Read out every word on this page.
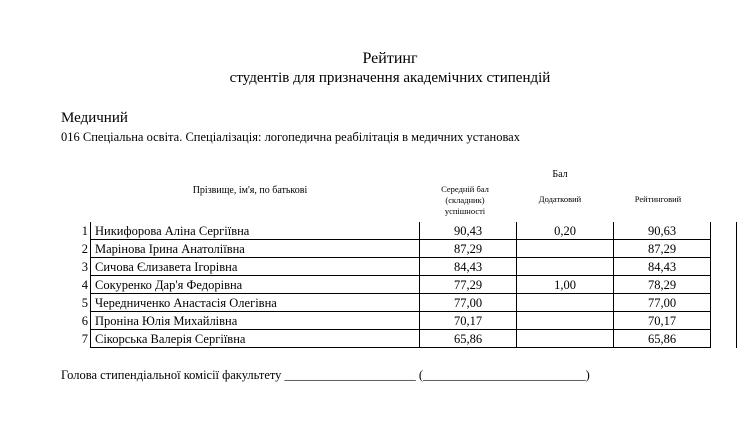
Рейтинг
студентів для призначення академічних стипендій
Медичний
016 Спеціальна освіта. Спеціалізація: логопедична реабілітація в медичних установах
Бал
Прізвище, ім'я, по батькові	Середній бал
(складник)
успішності
Додатковий	Рейтинговий
1	Никифорова Аліна Сергіївна	90,43	0,20	90,63	
2	Марінова Ірина Анатоліївна	87,29		87,29	
3	Сичова Єлизавета Ігорівна	84,43		84,43	
4	Сокуренко Дар'я Федорівна	77,29	1,00	78,29	
5	Чередниченко Анастасія Олегівна	77,00		77,00	
6	Проніна Юлія Михайлівна	70,17		70,17	
7	Сікорська Валерія Сергіївна	65,86		65,86	
Голова стипендіальної комісії факультету _____________________ (__________________________)
